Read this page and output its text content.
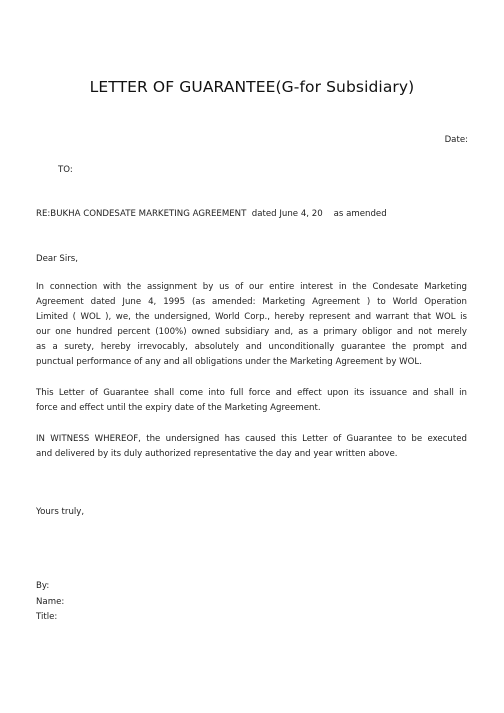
LETTER OF GUARANTEE(G-for Subsidiary)
Date:
TO:
RE:BUKHA CONDESATE MARKETING AGREEMENT  dated June 4, 20    as amended
Dear Sirs,
In connection with the assignment by us of our entire interest in the Condesate Marketing
Agreement dated June 4, 1995 (as amended: Marketing Agreement ) to World Operation
Limited ( WOL ), we, the undersigned, World Corp., hereby represent and warrant that WOL is
our one hundred percent (100%) owned subsidiary and, as a primary obligor and not merely
as a surety, hereby irrevocably, absolutely and unconditionally guarantee the prompt and
punctual performance of any and all obligations under the Marketing Agreement by WOL.
This Letter of Guarantee shall come into full force and effect upon its issuance and shall in
force and effect until the expiry date of the Marketing Agreement.
IN WITNESS WHEREOF, the undersigned has caused this Letter of Guarantee to be executed
and delivered by its duly authorized representative the day and year written above.
Yours truly,
By:
Name:
Title:
